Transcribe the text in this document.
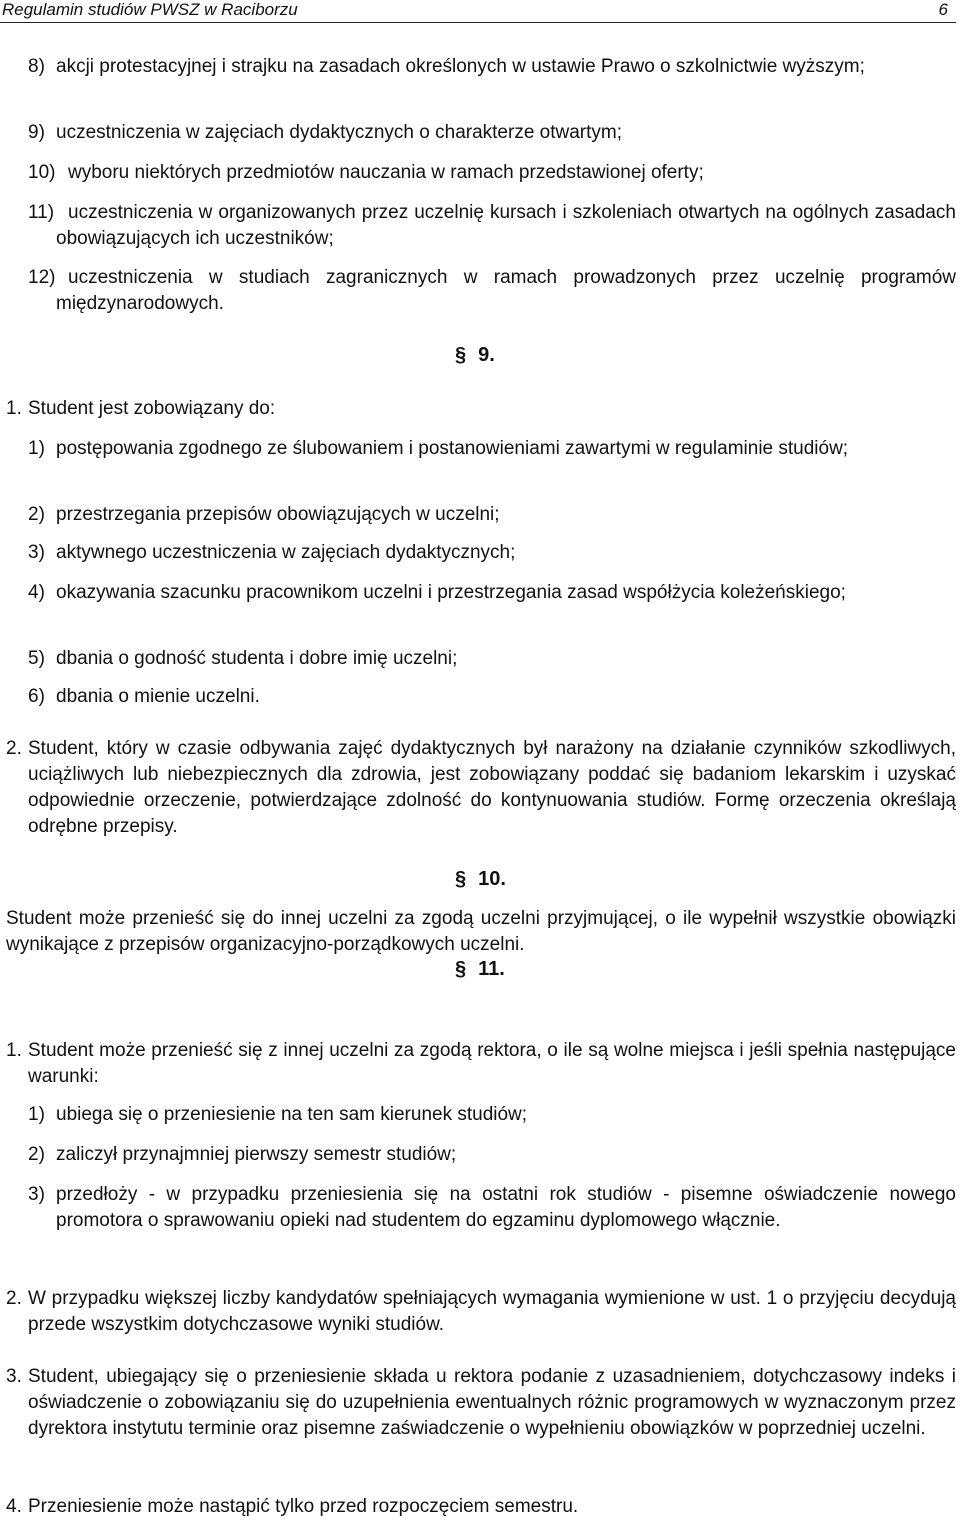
Regulamin studiów PWSZ w Raciborzu	6
8) akcji protestacyjnej i strajku na zasadach określonych w ustawie Prawo o szkolnictwie wyższym;
9) uczestniczenia w zajęciach dydaktycznych o charakterze otwartym;
10) wyboru niektórych przedmiotów nauczania w ramach przedstawionej oferty;
11) uczestniczenia w organizowanych przez uczelnię kursach i szkoleniach otwartych na ogólnych zasadach obowiązujących ich uczestników;
12) uczestniczenia w studiach zagranicznych w ramach prowadzonych przez uczelnię programów międzynarodowych.
§ 9.
1. Student jest zobowiązany do:
1) postępowania zgodnego ze ślubowaniem i postanowieniami zawartymi w regulaminie studiów;
2) przestrzegania przepisów obowiązujących w uczelni;
3) aktywnego uczestniczenia w zajęciach dydaktycznych;
4) okazywania szacunku pracownikom uczelni i przestrzegania zasad współżycia koleżeńskiego;
5) dbania o godność studenta i dobre imię uczelni;
6) dbania o mienie uczelni.
2. Student, który w czasie odbywania zajęć dydaktycznych był narażony na działanie czynników szkodliwych, uciążliwych lub niebezpiecznych dla zdrowia, jest zobowiązany poddać się badaniom lekarskim i uzyskać odpowiednie orzeczenie, potwierdzające zdolność do kontynuowania studiów. Formę orzeczenia określają odrębne przepisy.
§ 10.
Student może przenieść się do innej uczelni za zgodą uczelni przyjmującej, o ile wypełnił wszystkie obowiązki wynikające z przepisów organizacyjno-porządkowych uczelni.
§ 11.
1. Student może przenieść się z innej uczelni za zgodą rektora, o ile są wolne miejsca i jeśli spełnia następujące warunki:
1) ubiega się o przeniesienie na ten sam kierunek studiów;
2) zaliczył przynajmniej pierwszy semestr studiów;
3) przedłoży - w przypadku przeniesienia się na ostatni rok studiów - pisemne oświadczenie nowego promotora o sprawowaniu opieki nad studentem do egzaminu dyplomowego włącznie.
2. W przypadku większej liczby kandydatów spełniających wymagania wymienione w ust. 1 o przyjęciu decydują przede wszystkim dotychczasowe wyniki studiów.
3. Student, ubiegający się o przeniesienie składa u rektora podanie z uzasadnieniem, dotychczasowy indeks i oświadczenie o zobowiązaniu się do uzupełnienia ewentualnych różnic programowych w wyznaczonym przez dyrektora instytutu terminie oraz pisemne zaświadczenie o wypełnieniu obowiązków w poprzedniej uczelni.
4. Przeniesienie może nastąpić tylko przed rozpoczęciem semestru.
